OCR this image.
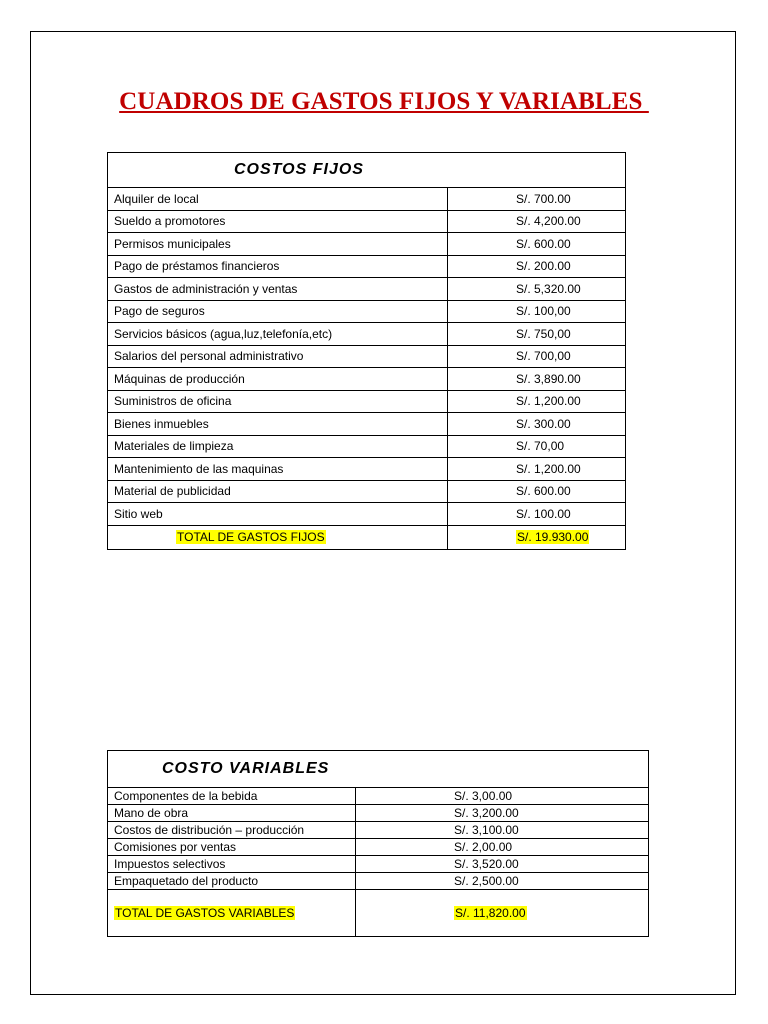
CUADROS DE GASTOS FIJOS Y VARIABLES
COSTOS FIJOS	
Alquiler de local	S/. 700.00
Sueldo a promotores	S/. 4,200.00
Permisos municipales	S/. 600.00
Pago de préstamos financieros	S/. 200.00
Gastos de administración y ventas	S/. 5,320.00
Pago de seguros	S/. 100,00
Servicios básicos (agua,luz,telefonía,etc)	S/. 750,00
Salarios del personal administrativo	S/. 700,00
Máquinas de producción	S/. 3,890.00
Suministros de oficina	S/. 1,200.00
Bienes inmuebles	S/. 300.00
Materiales de limpieza	S/. 70,00
Mantenimiento de las maquinas	S/. 1,200.00
Material de publicidad	S/. 600.00
Sitio web	S/. 100.00
TOTAL DE GASTOS FIJOS	S/. 19.930.00
COSTO VARIABLES	
Componentes de la bebida	S/. 3,00.00
Mano de obra	S/. 3,200.00
Costos de distribución – producción	S/. 3,100.00
Comisiones por ventas	S/. 2,00.00
Impuestos selectivos	S/. 3,520.00
Empaquetado del producto	S/. 2,500.00
TOTAL DE GASTOS VARIABLES	S/. 11,820.00
